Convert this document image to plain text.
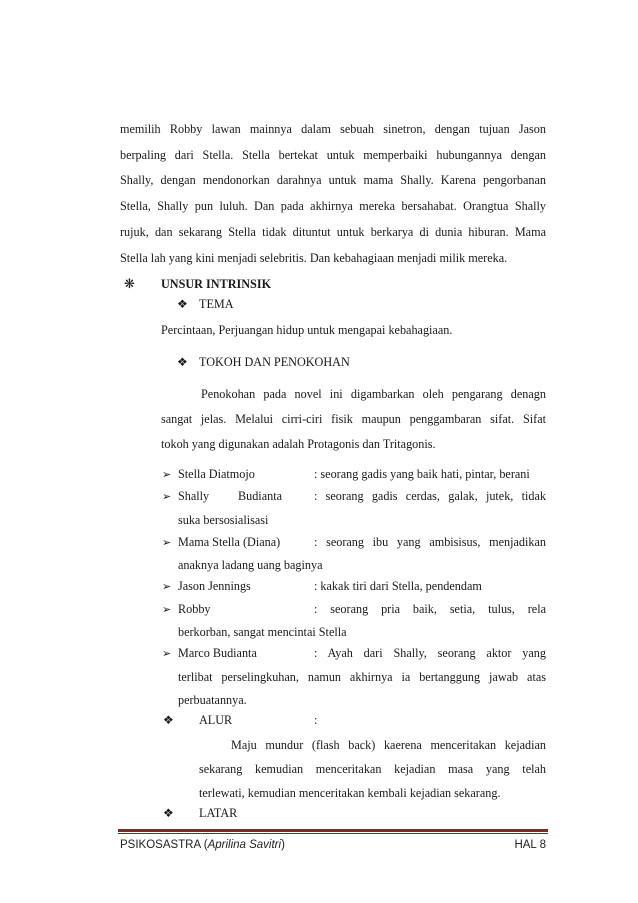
memilih Robby lawan mainnya dalam sebuah sinetron, dengan tujuan Jason
berpaling dari Stella. Stella bertekat untuk memperbaiki hubungannya dengan
Shally, dengan mendonorkan darahnya untuk mama Shally. Karena pengorbanan
Stella, Shally pun luluh. Dan pada akhirnya mereka bersahabat. Orangtua Shally
rujuk, dan sekarang Stella tidak dituntut untuk berkarya di dunia hiburan. Mama
Stella lah yang kini menjadi selebritis. Dan kebahagiaan menjadi milik mereka.
❋ UNSUR INTRINSIK
❖ TEMA
Percintaan, Perjuangan hidup untuk mengapai kebahagiaan.
❖ TOKOH DAN PENOKOHAN
Penokohan pada novel ini digambarkan oleh pengarang denagn
sangat jelas. Melalui cirri-ciri fisik maupun penggambaran sifat. Sifat
tokoh yang digunakan adalah Protagonis dan Tritagonis.
➢ Stella Diatmojo	: seorang gadis yang baik hati, pintar, berani
➢ Shally Budianta	: seorang gadis cerdas, galak, jutek, tidak
suka bersosialisasi
➢ Mama Stella (Diana)	: seorang ibu yang ambisisus, menjadikan
anaknya ladang uang baginya
➢ Jason Jennings	: kakak tiri dari Stella, pendendam
➢ Robby	: seorang pria baik, setia, tulus, rela
berkorban, sangat mencintai Stella
➢ Marco Budianta	: Ayah dari Shally, seorang aktor yang
terlibat perselingkuhan, namun akhirnya ia bertanggung jawab atas
perbuatannya.
❖ ALUR	:
Maju mundur (flash back) kaerena menceritakan kejadian
sekarang kemudian menceritakan kejadian masa yang telah
terlewati, kemudian menceritakan kembali kejadian sekarang.
❖ LATAR
PSIKOSASTRA (Aprilina Savitri)	HAL 8
